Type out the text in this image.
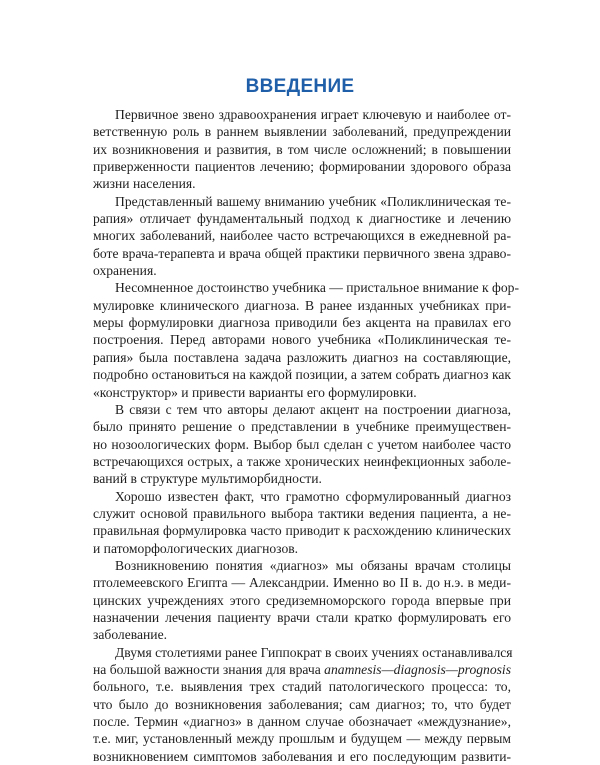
ВВЕДЕНИЕ
Первичное звено здравоохранения играет ключевую и наиболее от-
ветственную роль в раннем выявлении заболеваний, предупреждении
их возникновения и развития, в том числе осложнений; в повышении
приверженности пациентов лечению; формировании здорового образа
жизни населения.
Представленный вашему вниманию учебник «Поликлиническая те-
рапия» отличает фундаментальный подход к диагностике и лечению
многих заболеваний, наиболее часто встречающихся в ежедневной ра-
боте врача-терапевта и врача общей практики первичного звена здраво-
охранения.
Несомненное достоинство учебника — пристальное внимание к фор-
мулировке клинического диагноза. В ранее изданных учебниках при-
меры формулировки диагноза приводили без акцента на правилах его
построения. Перед авторами нового учебника «Поликлиническая те-
рапия» была поставлена задача разложить диагноз на составляющие,
подробно остановиться на каждой позиции, а затем собрать диагноз как
«конструктор» и привести варианты его формулировки.
В связи с тем что авторы делают акцент на построении диагноза,
было принято решение о представлении в учебнике преимуществен-
но нозоологических форм. Выбор был сделан с учетом наиболее часто
встречающихся острых, а также хронических неинфекционных заболе-
ваний в структуре мультиморбидности.
Хорошо известен факт, что грамотно сформулированный диагноз
служит основой правильного выбора тактики ведения пациента, а не-
правильная формулировка часто приводит к расхождению клинических
и патоморфологических диагнозов.
Возникновению понятия «диагноз» мы обязаны врачам столицы
птолемеевского Египта — Александрии. Именно во II в. до н.э. в меди-
цинских учреждениях этого средиземноморского города впервые при
назначении лечения пациенту врачи стали кратко формулировать его
заболевание.
Двумя столетиями ранее Гиппократ в своих учениях останавливался
на большой важности знания для врача anamnesis—diagnosis—prognosis
больного, т.е. выявления трех стадий патологического процесса: то,
что было до возникновения заболевания; сам диагноз; то, что будет
после. Термин «диагноз» в данном случае обозначает «междузнание»,
т.е. миг, установленный между прошлым и будущем — между первым
возникновением симптомов заболевания и его последующим развити-
